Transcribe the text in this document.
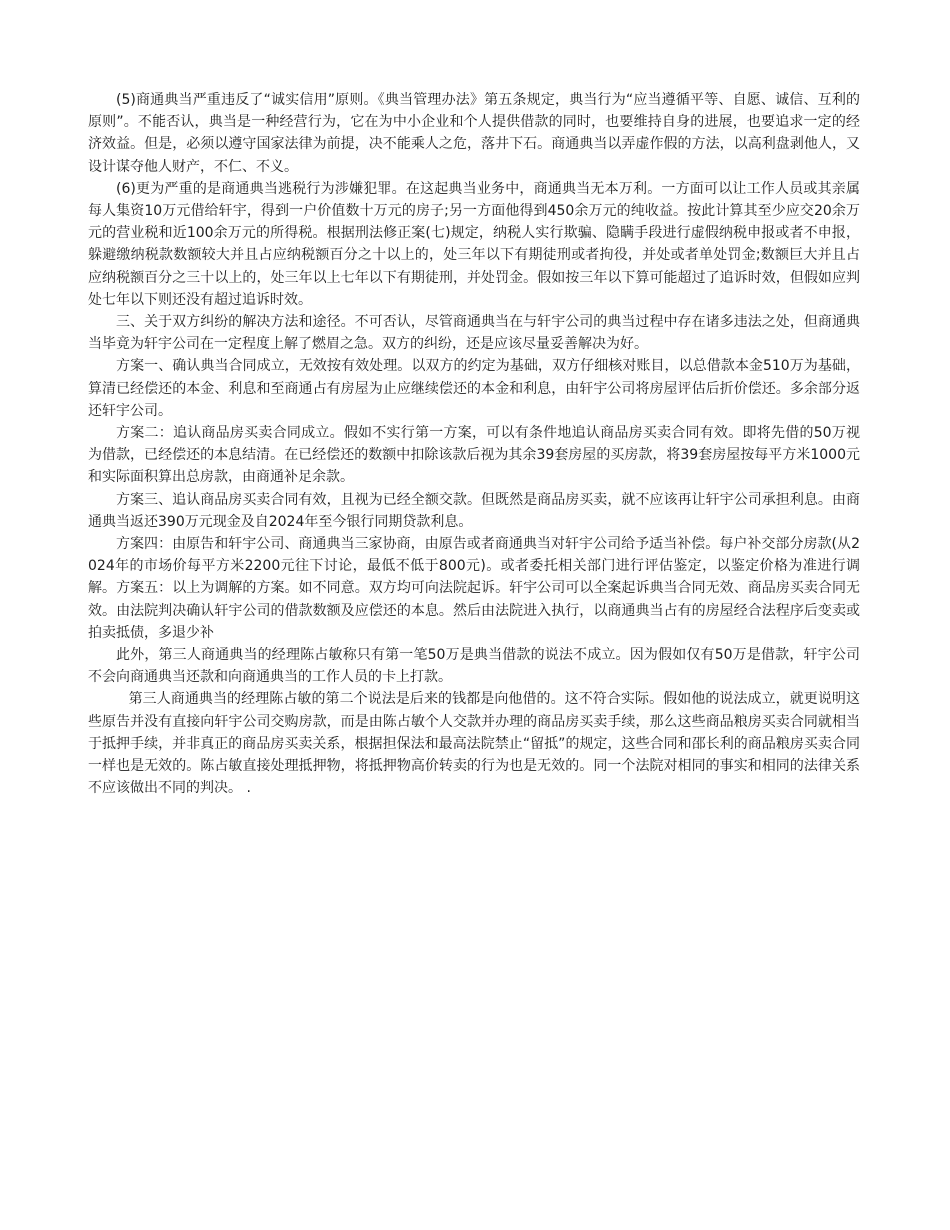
(5)商通典当严重违反了“诚实信用”原则。《典当管理办法》第五条规定，典当行为“应当遵循平等、自愿、诚信、互利的原则”。不能否认，典当是一种经营行为，它在为中小企业和个人提供借款的同时，也要维持自身的进展，也要追求一定的经济效益。但是，必须以遵守国家法律为前提，决不能乘人之危，落井下石。商通典当以弄虚作假的方法，以高利盘剥他人，又设计谋夺他人财产，不仁、不义。

(6)更为严重的是商通典当逃税行为涉嫌犯罪。在这起典当业务中，商通典当无本万利。一方面可以让工作人员或其亲属每人集资10万元借给轩宇，得到一户价值数十万元的房子;另一方面他得到450余万元的纯收益。按此计算其至少应交20余万元的营业税和近100余万元的所得税。根据刑法修正案(七)规定，纳税人实行欺骗、隐瞒手段进行虚假纳税申报或者不申报，躲避缴纳税款数额较大并且占应纳税额百分之十以上的，处三年以下有期徒刑或者拘役，并处或者单处罚金;数额巨大并且占应纳税额百分之三十以上的，处三年以上七年以下有期徒刑，并处罚金。假如按三年以下算可能超过了追诉时效，但假如应判处七年以下则还没有超过追诉时效。

三、关于双方纠纷的解决方法和途径。不可否认，尽管商通典当在与轩宇公司的典当过程中存在诸多违法之处，但商通典当毕竟为轩宇公司在一定程度上解了燃眉之急。双方的纠纷，还是应该尽量妥善解决为好。

方案一、确认典当合同成立，无效按有效处理。以双方的约定为基础，双方仔细核对账目，以总借款本金510万为基础，算清已经偿还的本金、利息和至商通占有房屋为止应继续偿还的本金和利息，由轩宇公司将房屋评估后折价偿还。多余部分返还轩宇公司。

方案二：追认商品房买卖合同成立。假如不实行第一方案，可以有条件地追认商品房买卖合同有效。即将先借的50万视为借款，已经偿还的本息结清。在已经偿还的数额中扣除该款后视为其余39套房屋的买房款，将39套房屋按每平方米1000元和实际面积算出总房款，由商通补足余款。

方案三、追认商品房买卖合同有效，且视为已经全额交款。但既然是商品房买卖，就不应该再让轩宇公司承担利息。由商通典当返还390万元现金及自2024年至今银行同期贷款利息。

方案四：由原告和轩宇公司、商通典当三家协商，由原告或者商通典当对轩宇公司给予适当补偿。每户补交部分房款(从2024年的市场价每平方米2200元往下讨论，最低不低于800元)。或者委托相关部门进行评估鉴定，以鉴定价格为准进行调解。方案五：以上为调解的方案。如不同意。双方均可向法院起诉。轩宇公司可以全案起诉典当合同无效、商品房买卖合同无效。由法院判决确认轩宇公司的借款数额及应偿还的本息。然后由法院进入执行，以商通典当占有的房屋经合法程序后变卖或拍卖抵债，多退少补

此外，第三人商通典当的经理陈占敏称只有第一笔50万是典当借款的说法不成立。因为假如仅有50万是借款，轩宇公司不会向商通典当还款和向商通典当的工作人员的卡上打款。

第三人商通典当的经理陈占敏的第二个说法是后来的钱都是向他借的。这不符合实际。假如他的说法成立，就更说明这些原告并没有直接向轩宇公司交购房款，而是由陈占敏个人交款并办理的商品房买卖手续，那么这些商品粮房买卖合同就相当于抵押手续，并非真正的商品房买卖关系，根据担保法和最高法院禁止“留抵”的规定，这些合同和邵长利的商品粮房买卖合同一样也是无效的。陈占敏直接处理抵押物，将抵押物高价转卖的行为也是无效的。同一个法院对相同的事实和相同的法律关系不应该做出不同的判决。 .
